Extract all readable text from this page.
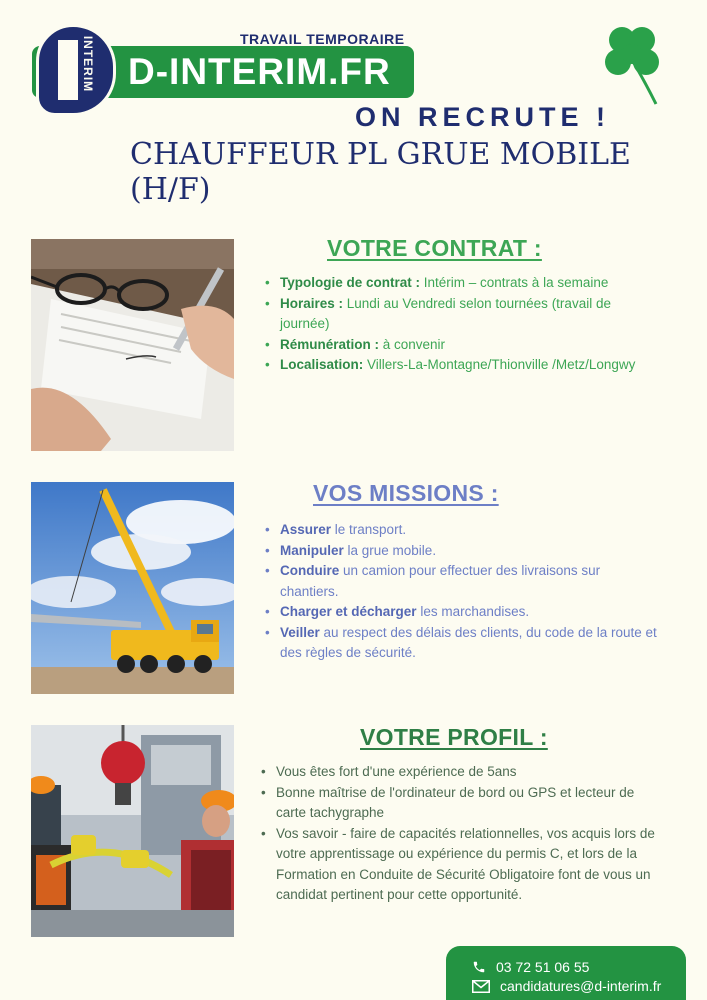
INTERIM	TRAVAIL TEMPORAIRE
D-INTERIM.FR
ON RECRUTE !
CHAUFFEUR PL GRUE MOBILE (H/F)
VOTRE CONTRAT :
• Typologie de contrat : Intérim – contrats à la semaine
• Horaires : Lundi au Vendredi selon tournées (travail de journée)
• Rémunération : à convenir
• Localisation: Villers-La-Montagne/Thionville /Metz/Longwy
VOS MISSIONS :
• Assurer le transport.
• Manipuler la grue mobile.
• Conduire un camion pour effectuer des livraisons sur chantiers.
• Charger et décharger les marchandises.
• Veiller au respect des délais des clients, du code de la route et des règles de sécurité.
VOTRE PROFIL :
• Vous êtes fort d'une expérience de 5ans
• Bonne maîtrise de l'ordinateur de bord ou GPS et lecteur de carte tachygraphe
• Vos savoir - faire de capacités relationnelles, vos acquis lors de votre apprentissage ou expérience du permis C, et lors de la Formation en Conduite de Sécurité Obligatoire font de vous un candidat pertinent pour cette opportunité.
03 72 51 06 55
candidatures@d-interim.fr
